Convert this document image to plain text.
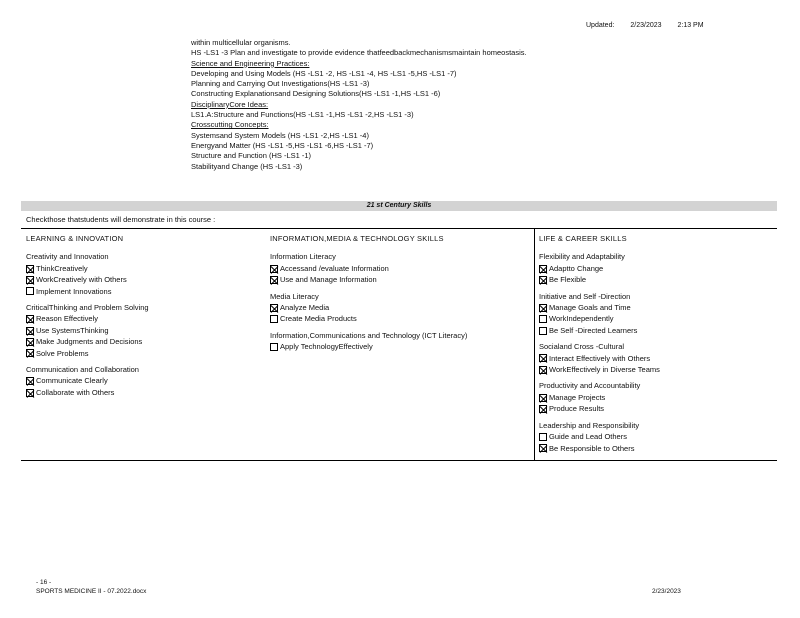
Updated: 2/23/2023 2:13 PM
within multicellular organisms.
HS -LS1 -3 Plan and investigate to provide evidence thatfeedbackmechanismsmaintain homeostasis.
Science and Engineering Practices:
Developing and Using Models (HS -LS1 -2, HS -LS1 -4, HS -LS1 -5,HS -LS1 -7)
Planning and Carrying Out Investigations(HS -LS1 -3)
Constructing Explanationsand Designing Solutions(HS -LS1 -1,HS -LS1 -6)
DisciplinaryCore Ideas:
LS1.A:Structure and Functions(HS -LS1 -1,HS -LS1 -2,HS -LS1 -3)
Crosscutting Concepts:
Systemsand System Models (HS -LS1 -2,HS -LS1 -4)
Energyand Matter (HS -LS1 -5,HS -LS1 -6,HS -LS1 -7)
Structure and Function (HS -LS1 -1)
Stabilityand Change (HS -LS1 -3)
21 st Century Skills
Checkthose thatstudents will demonstrate in this course :
LEARNING & INNOVATION
Creativity and Innovation
ThinkCreatively
WorkCreatively with Others
Implement Innovations
CriticalThinking and Problem Solving
Reason Effectively
Use SystemsThinking
Make Judgments and Decisions
Solve Problems
Communication and Collaboration
Communicate Clearly
Collaborate with Others
INFORMATION,MEDIA & TECHNOLOGY SKILLS
Information Literacy
Accessand /evaluate Information
Use and Manage Information
Media Literacy
Analyze Media
Create Media Products
Information,Communications and Technology (ICT Literacy)
Apply TechnologyEffectively
LIFE & CAREER SKILLS
Flexibility and Adaptability
Adaptto Change
Be Flexible
Initiative and Self -Direction
Manage Goals and Time
WorkIndependently
Be Self -Directed Learners
Socialand Cross -Cultural
Interact Effectively with Others
WorkEffectively in Diverse Teams
Productivity and Accountability
Manage Projects
Produce Results
Leadership and Responsibility
Guide and Lead Others
Be Responsible to Others
- 16 -
SPORTS MEDICINE II - 07.2022.docx	2/23/2023
